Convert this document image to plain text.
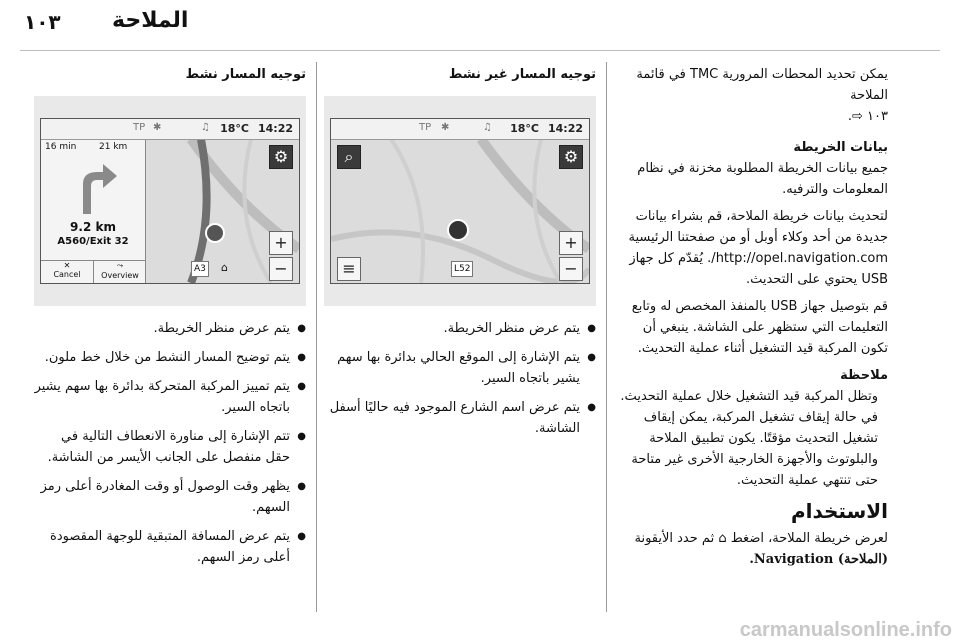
١٠٣ الملاحة

يمكن تحديد المحطات المرورية TMC في قائمة الملاحة
١٠٣ ⇨.

بيانات الخريطة

جميع بيانات الخريطة المطلوبة مخزنة في نظام المعلومات والترفيه.

لتحديث بيانات خريطة الملاحة، قم بشراء بيانات جديدة من أحد وكلاء أوبل أو من صفحتنا الرئيسية http://opel.navigation.com/. يُقدّم كل جهاز USB يحتوي على التحديث.

قم بتوصيل جهاز USB بالمنفذ المخصص له وتابع التعليمات التي ستظهر على الشاشة. ينبغي أن تكون المركبة قيد التشغيل أثناء عملية التحديث.

ملاحظة

وتظل المركبة قيد التشغيل خلال عملية التحديث. في حالة إيقاف تشغيل المركبة، يمكن إيقاف تشغيل التحديث مؤقتًا. يكون تطبيق الملاحة والبلوتوث والأجهزة الخارجية الأخرى غير متاحة حتى تنتهي عملية التحديث.

الاستخدام

لعرض خريطة الملاحة، اضغط ⌂ ثم حدد الأيقونة
(الملاحة) Navigation.

توجيه المسار غير نشط
TP ✱	♫ 18°C 14:22
⌕	⚙
+
−
≡	L52
● يتم عرض منظر الخريطة.
● يتم الإشارة إلى الموقع الحالي بدائرة بها سهم يشير باتجاه السير.
● يتم عرض اسم الشارع الموجود فيه حاليًا أسفل الشاشة.
توجيه المسار نشط
TP ✱	♫ 18°C 14:22
16 min	21 km
9.2 km
A560/Exit 32
✕
Cancel
⤳
Overview
⚙
+
−
A3 ⌂
● يتم عرض منظر الخريطة.
● يتم توضيح المسار النشط من خلال خط ملون.
● يتم تمييز المركبة المتحركة بدائرة بها سهم يشير باتجاه السير.
● تتم الإشارة إلى مناورة الانعطاف التالية في حقل منفصل على الجانب الأيسر من الشاشة.
● يظهر وقت الوصول أو وقت المغادرة أعلى رمز السهم.
● يتم عرض المسافة المتبقية للوجهة المقصودة أعلى رمز السهم.
carmanualsonline.info
